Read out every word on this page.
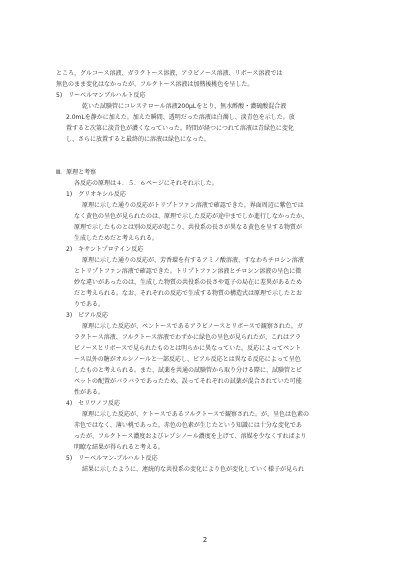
ところ、グルコース溶液、ガラクトース溶液、アラビノース溶液、リボース溶液では
無色のまま変化はなかったが、フルクトース溶液は加熱後桃色を呈した。
5)　リーベルマンブルハルト反応
乾いた試験管にコレステロール溶液200μLをとり、無水酢酸・濃硫酸混合液
2.0mLを静かに加えた。加えた瞬間、透明だった溶液は白濁し、淡青色を示した。放
置すると次第に淡青色が濃くなっていった。時間が経つにつれて溶液は青緑色に変化
し、さらに放置すると最終的に溶液は緑色になった。
Ⅲ．原理と考察
各反応の原理は４．５．６ページにそれぞれ示した。
1)　グリオキシル反応
原理に示した通りの反応がトリプトファン溶液で確認できた。界面周辺に紫色では
なく黄色の呈色が見られたのは、原理で示した反応が途中までしか進行しなかったか、
原理で示したものとは別の反応が起こり、共役系の長さが異なる黄色を呈する物質が
生成したためだと考えられる。
2)　キサントプロテイン反応
原理に示した通りの反応が、芳香環を有するアミノ酸溶液、すなわちチロシン溶液
とトリプトファン溶液で確認できた。トリプトファン溶液とチロシン溶液の呈色に微
妙な違いがあったのは、生成した物質の共役系の長さや電子の局在に差異があるため
だと考えられる。なお、それぞれの反応で生成する物質の構造式は原理で示したとお
りである。
3)　ビアル反応
原理に示した反応が、ペントースであるアラビノースとリボースで観察された。ガ
ラクトース溶液、フルクトース溶液でわずかに緑色の呈色が見られたが、これはアラ
ビノースとリボースで見られたものとは明らかに異なっていた。反応によってペント
ース以外の糖がオルシノールと一部反応し、ビアル反応とは異なる反応によって呈色
したものと考えられる。また、試薬を共通の試験管から取り分ける際に、試験管とピ
ペットの配置がバラバラであったため、誤ってそれぞれの試薬が混合されていた可能
性がある。
4)　セリワノフ反応
原理に示した反応が、ケトースであるフルクトースで観察された。が、呈色は色素の
赤色ではなく、薄い桃であった。赤色の色素が生じたという知識には十分な変化であ
ったが、フルクトース濃度およびレゾシノール濃度を上げて、溶媒を少なくすればより
明瞭な結果が得られると考える。
5)　リーベルマン-ブルハルト反応
結果に示したように、連続的な共役系の変化により色が変化していく様子が見られ
2
